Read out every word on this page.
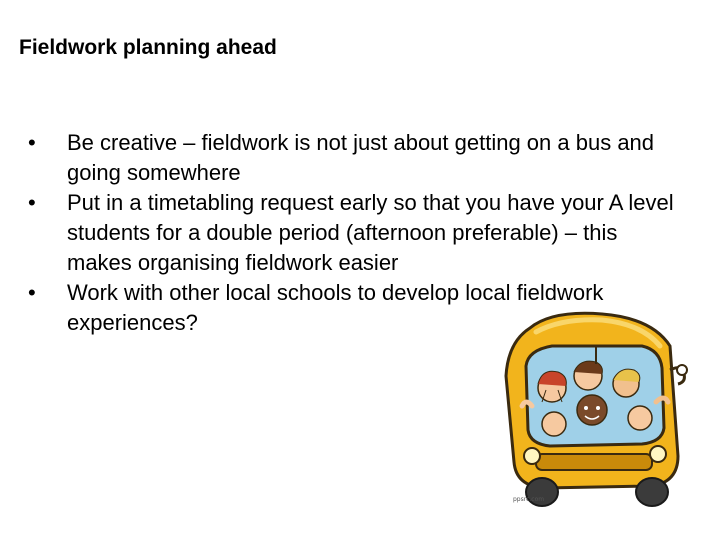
Fieldwork planning ahead
•	Be creative – fieldwork is not just about getting on a bus and going somewhere
•	Put in a timetabling request early so that you have your A level students for a double period (afternoon preferable) – this makes organising fieldwork easier
•	Work with other local schools to develop local fieldwork experiences?
ppsrc.com
